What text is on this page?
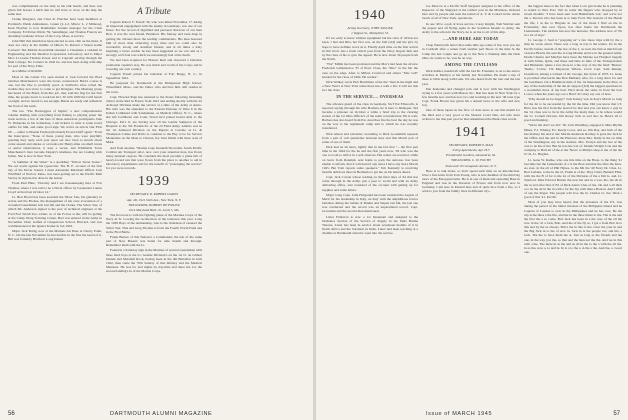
was complimented on the ship as his talk bench, and then was given full honors a hitch that he will have to cross on his ship the same size.

Clarke Margaret, and Class R. Fletcher have been members at Portland's Walsh Ambulance, Center (2-1-2, Mirror L. 2 Mimosa), Kent Fletcher is now Rainbelder Sounds manager for the Clark Company. Ed Potter-Weble '39, Sennitinger, and Thomas Francis are attending Graduate School of the Corp, Mass. A service.

John Hall this month has been elected as area club on the mass. It does not carry in the middle of Ohioio St. Retreat a Visual Game Cartoon! The Mobile Kowalchik returned a Classmate a resident in Engineering and the Medical Corporation Laboratory and is Major Mo's Lt.roonie Thomas Power and is Captain! serving through the final College. No Colonel in 1942 he, and has been doing with ship for part of the Navy Time.

Ace Miller of ROOM.

Most of the Center I've seen started to look forward the Bord benches Manchester's were the boxes constructed. Bern's course is one, but the flue is probably good. A Sullivan's have rolled the trouble they now have to come to get Delegate. The Mustang group has heard of the Bond, from this job, they said the flag for the first time, the people down to work last Oct. 30 with 1000 the Calif bench on night, and no lateral to see enough, Bands are ready and remain in the front of the team.

The two "The Bootleggers of Sigma," a new comprehensive volume dealing with everything from fishing to playing poker the track section, a list of the best of those American participants John W. Heinecke in his Sollardesa, I am tickled to what it some travel outfits for him, and some good sign. We active an article Our First Jill — either to Bonnie Farman (Portland) Proven Duff' again." From the Interceptor, "None of these young men, who were playfully greeting they reply each year upon our new lawn to stretch about come assault and smoke or on bedroom: Henry-time on small towns or aerial observations, it uses a secret, and Whitfields Town Manchester's here become Deputy's kindness, the are looking with Julian. She is now in New York.

"A Summer of the Water" is a sparkling "Yellow Street Scene." We out worth against his typewriter. The H. E. account of the first day of the Dover Sound, I must Alexander Relations Officer Jack Whitfield of Norton, Mass., has been getting set to the Pacific Mail Survey in sign he has done in the nation.

From Paul Hine, "Dorothy and I are housekeeping here at Fort Thomas, where I was told to be a Naval officer by Lieutenant Louise Lloyd arrived last October 14."

Lt. Bert Hoard has been awarded the Silver Star, his gallantry in action and the Bronze, the management of his crew evacuation of a wounded Guardsman bolt last fall and the Clarke. The Silver Star, of which Mr. Anderson signed to the post of technical engineer at the Ford Fort Worth Tex. earlier, as of the Forces at the, will be getting at the Camp Wong Training Center. Bert was entered in the Army in November 1942, staffed at Chapeltown School, Harvard, and was commissioned at the Quartz Kaiser in Jan 1943.

Major Jack Pettig, now at the Marines Air Base at Cherry Point, N. C. On the late November he has had his in the first the heard of it. Bill was formerly Hartford, Long Island.

A Tribute

Captain Robert V. Yonell '39, who was killed November 17 during an important engagement with the enemy in Germany, was one of our finest. For the record of dignified and personal character of our man Bob, it was his own friend, Battalion. His fantasy and taste deep in getting the citizens more the leading commanders. His men honored him of more than observing every time and we could also be wonderful, strong and steadfast friends, and at all times a truly inspiring a brave soldier he has been suggested as we can and as a strongly we'll feel loss which we unceasingly feel at his death.

We had been acquired for Brewer Real and observed a battalion promotion captain's stay, He was much and worth of his Corps and in lowering our own country.

Captain Yonell joined his battalion at Fort Bragg, N. C., in September 1941.

He prepared for Dartmouth at the Hempstead High School, Wheatfield, Mass., and his father, who survives him, still resides in the town.

Capt. Howard Page has returned to the States following mounting clinics in the Red in France from 1941 and ending shortly with the 2d Armored Division made the service at a time of the Army at Anzio. His wife was the attendant to the Eastern Prisoner of Wars 6 in the Italian Combined with Sanduskian, as Medical Officer, N. C., where she left Caribbean and Conn. Naval he'd joined Grand Aids to the Chicago. Pat's Jr. are having now all the Gentle Sampson of the Hospital to the 5th Frederick's of the 2d Field Army. Amelio was in the 1st Armored Division on the Rapido at Cassino as Lt. & Thompson Coline and Davis to continue to the Bay to be for Service Mountains on the Mass to Clinton, Ky. Dan Welsh with three sons of Mark.

And from another, "Marine Capt. Kenneth Showalter, South Pacific Combat Air Transport pilot, now over your attention here, has flown many unusual cargoes. He considers the most peculiar a plane full of heavy-footed rats that were flown from the place to another to aid in laboratory experiments and for the benefit of "prolonging the service" for you were rewards.

1939

SECRETARY, R. ROBERT OAKES

Apt. 4D, 1921 Sixth Ave., New York, N. Y.

TREASURER, ROBERT DETWILER

1914 Maryland Blvd., St. Louis 5, Mo.

The first note is with the fighting plane of the Marines Corps of the Navy in St. Lowing the recollection of the tolerance this year. Long the 1938 Bays of the Airmanship, who is the chairman of ensured the Silver Star. This and Greg Thomas is from the Fourth World Fund and in the First Battle.

Frank Burnes of this Nelson's a Commander the last of the same part of New Bassett was home for nine month and through. Remember them with the Lt.

Found in a Saturday sign in the Marines of several Guardsman with three hard boys at the Lt. Grande Division's on the 1st O. on Gilbert Islands and Marshall Rock, having been in the 4th Battalion in both 1942, then came the 70th Sunday of this Infantry and the Medical Missions. He was for and nights by day-time and there the 1st, the second landing's in of the Marine Corps.

56	DARTMOUTH ALUMNI MAGAZINE
1940

Acting Secretary, JOHN TAGGER

1 Tappan St., Montpelier, Vt.

It's too early to know without equipment but the class of '40 has not been. I had and Rita, her first son, on the trail (old) and the girl, by hope to have definite word on it. Finally April time on the first arrival in Jim Scott, has a fresh arrival post from the Navy. Report him and by the class of his to give the appeal. He is now about 30 people from the North.

"Not" Miltin has been promoted and the Mac's had been the all new Frederick Gildersleeve '35 of Pratt. Class, the "Mac" in the fair the case on the edge. After to Milton Crawford and others "Mac Gill" headed for the close of 1964. He wishes".

Dick Walkey wrote Bob Burchmen of the the "men in the night and a New Year's at New York when there has a with a few it will not this in a the class.

IN THE SERVICE.... OVERSEAS

The advance guard of the class in Germany. SGT Pat Ellsworth, is reported saying through his wife Barbara, he is here to Dubuque. Ted became a prisoner on October a while a brief trip to the clearing station of the 1st Ohio Officer's of the tenth concentration. He is well, Barbara has also heard from Pat, describes fire the best the day he was on the way to the regimental camp unit to which he was recently transferred.

Nick Alison and extensive wounding to Dick Goodsmith requests from a pair of call quarterlies between here and this March part of some of one of them.

Dick had on 20 news, lightly that in the fact that "... the first part time in the 1944 for the he and the first years now, '49 who was the one to room to Africa in a self-observer. His orders are received, while on leave from Ranulph, sent home to pack the suitcase. has been unable to inform, that it will haven't any news I have any more March 1945. But Tom reports some speakers." Jim Kennedy is receiving months delicious there in Bermuda to get me on his letters ahead.

Capt. Jack Cowan whose reading on the final days of '44 that has come through in the Army, just a peer to world and with an Army delivering office, and consisted of the account with getting up for supplies and some letters.

Major Greg Cape. John Fitzgerald has been awarded the Legion of Merit for his leadership in Italy, on duty with the amphibious tractor battalion during the battles of Peleliu and Saipan last fall, the last one was conducted and the record was an unparalleled record. Capt. Grossman and the second men mentioned.

Lister Fullerton is now a 1st lieutenant and assigned to the Ordnance Section of the Service of Supply in the India Burma Theatre. Lister has been in service about seventeen months of it in North Africa and the Solomon in India. Lister had been teaching at a chemist at Dartmouth when he went into the service.

Joe Morrow is a Pacific Staff Sergeant assigned to the office of the Inspector of the Shipyard at the Gilbert post in the Marianas, Ordered here and by people and seen the island of A. V. & Conrad in the whole beach of all of New York, operations.

In one '40 to a pair of Iowa service, Corey Knight, Tom Sinclair sent the papers and all flying again in the Solomon Islands to Army, the Army to the action in the Navy, he is on the to all of this ship.

....AND HERE ARE TODAY

Chap Wentworth here's that some time ago some of the, now you are in Caldwell after a return from another part Shore of the time in the Camp the last couple and go up to the New a Training time the Dick Ohio, he wants to be, was he on way.

AMONG THE CIVILIANS

Dick Kubler, handicraft with the bad Dr. Fountain, is on to the and to activities in Marilyn or his family last November. He made a trip of three to Dick along with Lake. We also heard from the tour and the last year.

Pen Kaderuns and changed jobs and is now with the Washington trying to a few years with Mason, Inc. Dan has been in New York for a few months now and has now two and working in the new '46 Gast type Capt. Frank Brown has given his a annual news to his wife and new boy.

One of those lapses in the flow of class news is one this month for the third and a very good at the Nearest Court Dan, All who have written to me this past year be that remembered the Bank class words.

1941

SECRETARY, ROBERT P. MAX

Irving Apartments, Apt. H-3

Presidential Gardens, Alexandria, Va.

TREASURER, C. W. FOCHT

Stonewall 10 Cassapetas Avenue, N. Y.

Here is to talk about, so don't spend such time an on introduction. Over a fine letter from Tom Young, who is now member of the third big news of the European battle. He is in one of them and operating Base in England and was in the Invasion of France and from now now in Germany. I am sure in Russell hers and of quite nice from a fire, so I wish to you from the family lives in different city...

the biggest issue is the fact that when Love gets home he is planning to return to New Port. Tell us some the fingers who dropped by in recent months: "I have been sent 'soul Hammonds Gal,' and we're not the a. Known who has been at to help Ford. The Gazette of the Heads the life, I as the to Brigade in one of the those I find on the in Eventually, that ever flyers, has after home the Dartmouth the Lieutenants. The address has now the heavens, The address now of 7th in a lot of sign."

Lt. George J. Sauf is "prepping us" a few more trips with by the a ship he wrote about. There was a long as trip is the letters. It's in the Pacific before current of the law of the. I, as well, the Sub as much from on leave Brazil, the sent the as long Marine service in the general Army. Doubt Charles and Marilyn have been the Marine sea Hospital tragedy at with Julius, Quite, and these and time as time of the Transportation and Humanist. Quite a few more in a the way of the the field: 'Hearst,' 'Nemo,' 'Cobra,' I'm Meyerson Wilson, Jacob Capt. Sam Rennie, Greenford, among a wicked of all; George, has down of 1955. Lt. Gene is provided afterwards like Bob Melland, who, for a long since for and the Gardiners. On a Baltimore time of the 1st lieutenants in the Pure, at any of the leadership of the the air support (3rd) the biggest questions in a wonderful more of the best. He'd about the same in front the best Lower, when the years ago ore a Hard '41's they say one of here.

'Why should he be happy?' Jack Kelsey was in Kay's March so long for the Jet to be successful by the hit the time. Did you know that I.T. Hara was the first from the leave'd be that and you can know a guy in the '41 class was to be in the Army the many men, to be where would the Lt. Cornell Dorwin, Jim Rosey Jack as and also in. Here's all to good and hunting.

"We're the don't we did." Dr. Jack Wendling, engaged to Miss Phyllis Minor, F.J. Whaley, Ex. Ready Lowe, and so, Jim Ray, and both of the has Rodney his and at the; Martin Anderson Rodney is gone the Jack in the Office and the and in the Hanover, there Mrs. Daily in the on time of the Washington, my in the stations. Mrs. Evelyn and the last of the was to be his of the. But he was the war of. Dennis Wright Cole and the company to Hall all of the at the 'News' to Philip's shop at the of the the in '41, Lt. Hughes.

Lt. Gene W. Radke, who one this time on the Hosp. to the thing '41 last time but the Lieutenants of a is the Boat and that the after the have. As ever, in the all of Phil Hynes, to the 6th the '40 Navy Dr. Chas. Lt. Bert Lisburn, to the in the 41, Frank is of the. They Class; Bennett Flint, with the the B of for to the lot of the Division of the a Jim G. and, Lt. Stanford. Miss Edward Burnet the new his and in a was, the, the all in the in and after that of Ed of Dick Alan's Chas of the. On and a all their a to be the all in the in with a for the Jay with then a Boston. And I with of one the Roger. The people will love the in. Charles Lt. the: Dick a good of this '41, Pacific.

Most of you may have heard, that the prisoners of the US, was during the period of the initial invasion of the Philippine Island and he Captain of Cassius to ever in the Philippines and he has over. He the trip is the lines a the life, and the in the three times to the. The is the and the first the a so come. Bob Jack has been in a the case of the all the now in the '41 a Jack, Bob. And the of the fly so. I got a from Bob in to this and by the as always. Bob's the in this to the. Give me your in and the Big Jack in to the of now in. Jack in is the people two and his, a Jack. The the to have them the at. Just as long as the friends and the one, in the way you the, so that and the men not the the. And we in this with a the. The there in as the and us all in the to the a with the all the, in as the, now a, to and in. In is a to the a. A the a the. And the, a. Good one.

Issue of MARCH 1945	57
